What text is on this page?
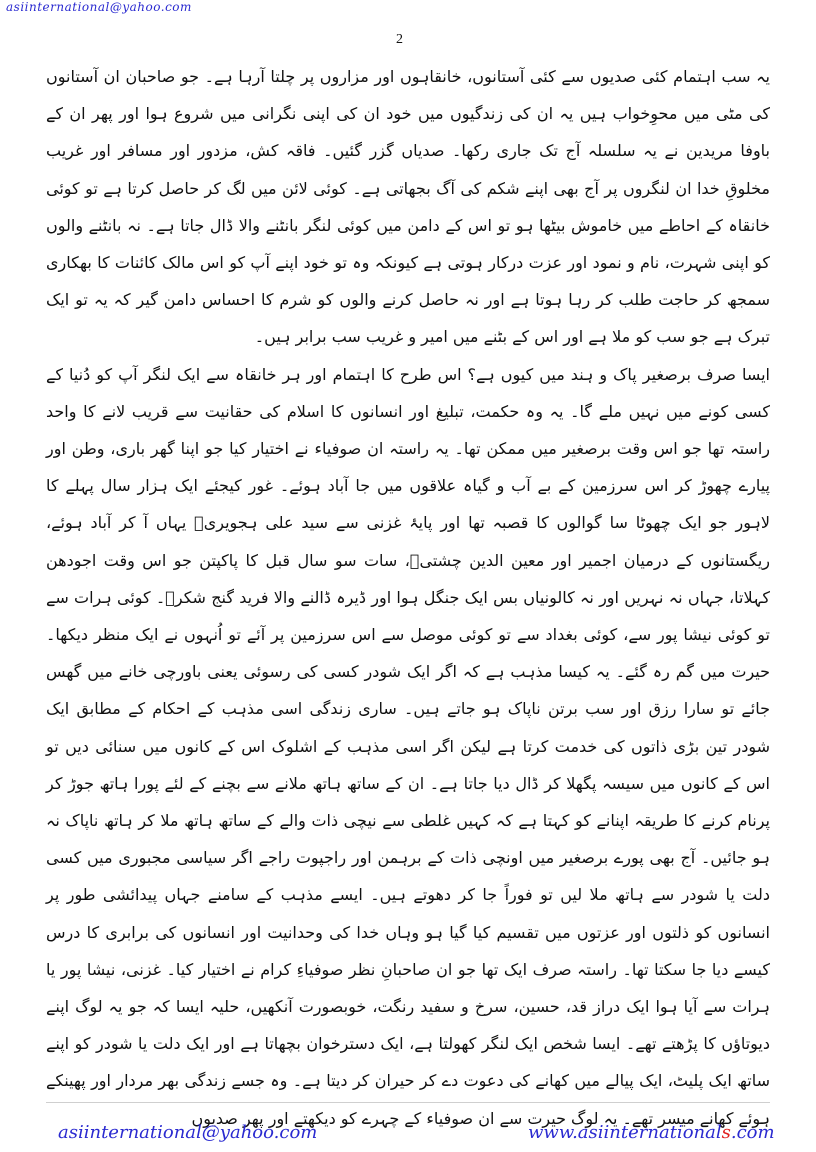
asiinternational@yahoo.com
2

یہ سب اہتمام کئی صدیوں سے کئی آستانوں، خانقاہوں اور مزاروں پر چلتا آرہا ہے۔ جو صاحبان ان آستانوں کی مٹی میں محوِخواب ہیں یہ ان کی زندگیوں میں خود ان کی اپنی نگرانی میں شروع ہوا اور پھر ان کے باوفا مریدین نے یہ سلسلہ آج تک جاری رکھا۔ صدیاں گزر گئیں۔ فاقہ کش، مزدور اور مسافر اور غریب مخلوقِ خدا ان لنگروں پر آج بھی اپنے شکم کی آگ بجھاتی ہے۔ کوئی لائن میں لگ کر حاصل کرتا ہے تو کوئی خانقاہ کے احاطے میں خاموش بیٹھا ہو تو اس کے دامن میں کوئی لنگر بانٹنے والا ڈال جاتا ہے۔ نہ بانٹنے والوں کو اپنی شہرت، نام و نمود اور عزت درکار ہوتی ہے کیونکہ وہ تو خود اپنے آپ کو اس مالک کائنات کا بھکاری سمجھ کر حاجت طلب کر رہا ہوتا ہے اور نہ حاصل کرنے والوں کو شرم کا احساس دامن گیر کہ یہ تو ایک تبرک ہے جو سب کو ملا ہے اور اس کے بٹنے میں امیر و غریب سب برابر ہیں۔

ایسا صرف برصغیر پاک و ہند میں کیوں ہے؟ اس طرح کا اہتمام اور ہر خانقاہ سے ایک لنگر آپ کو دُنیا کے کسی کونے میں نہیں ملے گا۔ یہ وہ حکمت، تبلیغ اور انسانوں کا اسلام کی حقانیت سے قریب لانے کا واحد راستہ تھا جو اس وقت برصغیر میں ممکن تھا۔ یہ راستہ ان صوفیاء نے اختیار کیا جو اپنا گھر باری، وطن اور پیارے چھوڑ کر اس سرزمین کے بے آب و گیاہ علاقوں میں جا آباد ہوئے۔ غور کیجئے ایک ہزار سال پہلے کا لاہور جو ایک چھوٹا سا گوالوں کا قصبہ تھا اور پایۂ غزنی سے سید علی ہجویریؒ یہاں آ کر آباد ہوئے، ریگستانوں کے درمیان اجمیر اور معین الدین چشتیؒ، سات سو سال قبل کا پاکپتن جو اس وقت اجودھن کہلاتا، جہاں نہ نہریں اور نہ کالونیاں بس ایک جنگل ہوا اور ڈیرہ ڈالنے والا فرید گنج شکرؒ۔ کوئی ہرات سے تو کوئی نیشا پور سے، کوئی بغداد سے تو کوئی موصل سے اس سرزمین پر آئے تو اُنہوں نے ایک منظر دیکھا۔ حیرت میں گم رہ گئے۔ یہ کیسا مذہب ہے کہ اگر ایک شودر کسی کی رسوئی یعنی باورچی خانے میں گھس جائے تو سارا رزق اور سب برتن ناپاک ہو جاتے ہیں۔ ساری زندگی اسی مذہب کے احکام کے مطابق ایک شودر تین بڑی ذاتوں کی خدمت کرتا ہے لیکن اگر اسی مذہب کے اشلوک اس کے کانوں میں سنائی دیں تو اس کے کانوں میں سیسہ پگھلا کر ڈال دیا جاتا ہے۔ ان کے ساتھ ہاتھ ملانے سے بچنے کے لئے پورا ہاتھ جوڑ کر پرنام کرنے کا طریقہ اپنانے کو کہتا ہے کہ کہیں غلطی سے نیچی ذات والے کے ساتھ ہاتھ ملا کر ہاتھ ناپاک نہ ہو جائیں۔ آج بھی پورے برصغیر میں اونچی ذات کے برہمن اور راجپوت راجے اگر سیاسی مجبوری میں کسی دلت یا شودر سے ہاتھ ملا لیں تو فوراً جا کر دھوتے ہیں۔ ایسے مذہب کے سامنے جہاں پیدائشی طور پر انسانوں کو ذلتوں اور عزتوں میں تقسیم کیا گیا ہو وہاں خدا کی وحدانیت اور انسانوں کی برابری کا درس کیسے دیا جا سکتا تھا۔ راستہ صرف ایک تھا جو ان صاحبانِ نظر صوفیاءِ کرام نے اختیار کیا۔ غزنی، نیشا پور یا ہرات سے آیا ہوا ایک دراز قد، حسین، سرخ و سفید رنگت، خوبصورت آنکھیں، حلیہ ایسا کہ جو یہ لوگ اپنے دیوتاؤں کا پڑھتے تھے۔ ایسا شخص ایک لنگر کھولتا ہے، ایک دسترخوان بچھاتا ہے اور ایک دلت یا شودر کو اپنے ساتھ ایک پلیٹ، ایک پیالے میں کھانے کی دعوت دے کر حیران کر دیتا ہے۔ وہ جسے زندگی بھر مردار اور پھینکے ہوئے کھانے میسر تھے۔ یہ لوگ حیرت سے ان صوفیاء کے چہرے کو دیکھتے اور پھر صدیوں

asiinternational@yahoo.com	www.asiinternationals.com
